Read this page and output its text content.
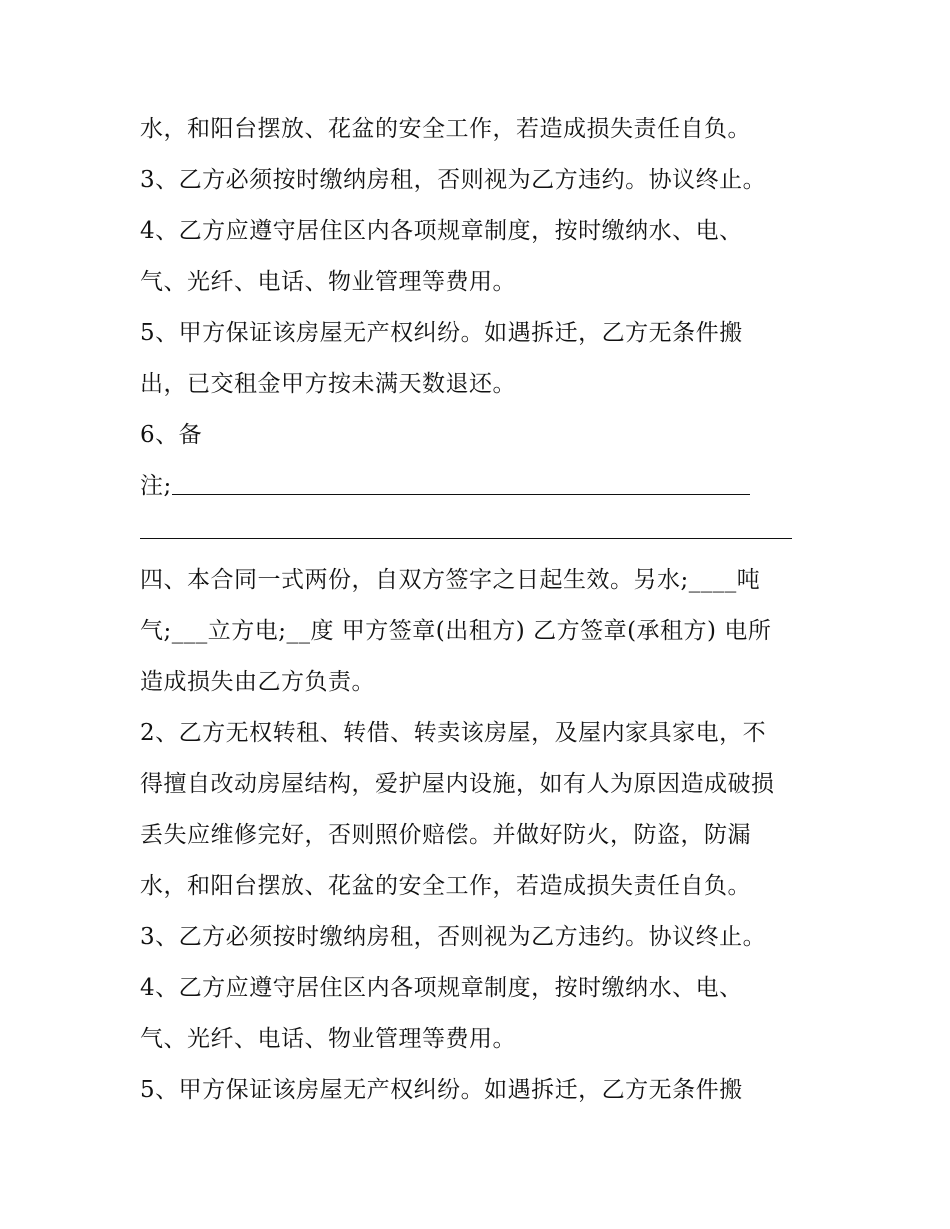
水，和阳台摆放、花盆的安全工作，若造成损失责任自负。
3、乙方必须按时缴纳房租，否则视为乙方违约。协议终止。
4、乙方应遵守居住区内各项规章制度，按时缴纳水、电、
气、光纤、电话、物业管理等费用。
5、甲方保证该房屋无产权纠纷。如遇拆迁，乙方无条件搬
出，已交租金甲方按未满天数退还。
6、备
注;
四、本合同一式两份，自双方签字之日起生效。另水;____吨
气;___立方电;__度 甲方签章(出租方) 乙方签章(承租方) 电所
造成损失由乙方负责。
2、乙方无权转租、转借、转卖该房屋，及屋内家具家电，不
得擅自改动房屋结构，爱护屋内设施，如有人为原因造成破损
丢失应维修完好，否则照价赔偿。并做好防火，防盗，防漏
水，和阳台摆放、花盆的安全工作，若造成损失责任自负。
3、乙方必须按时缴纳房租，否则视为乙方违约。协议终止。
4、乙方应遵守居住区内各项规章制度，按时缴纳水、电、
气、光纤、电话、物业管理等费用。
5、甲方保证该房屋无产权纠纷。如遇拆迁，乙方无条件搬
